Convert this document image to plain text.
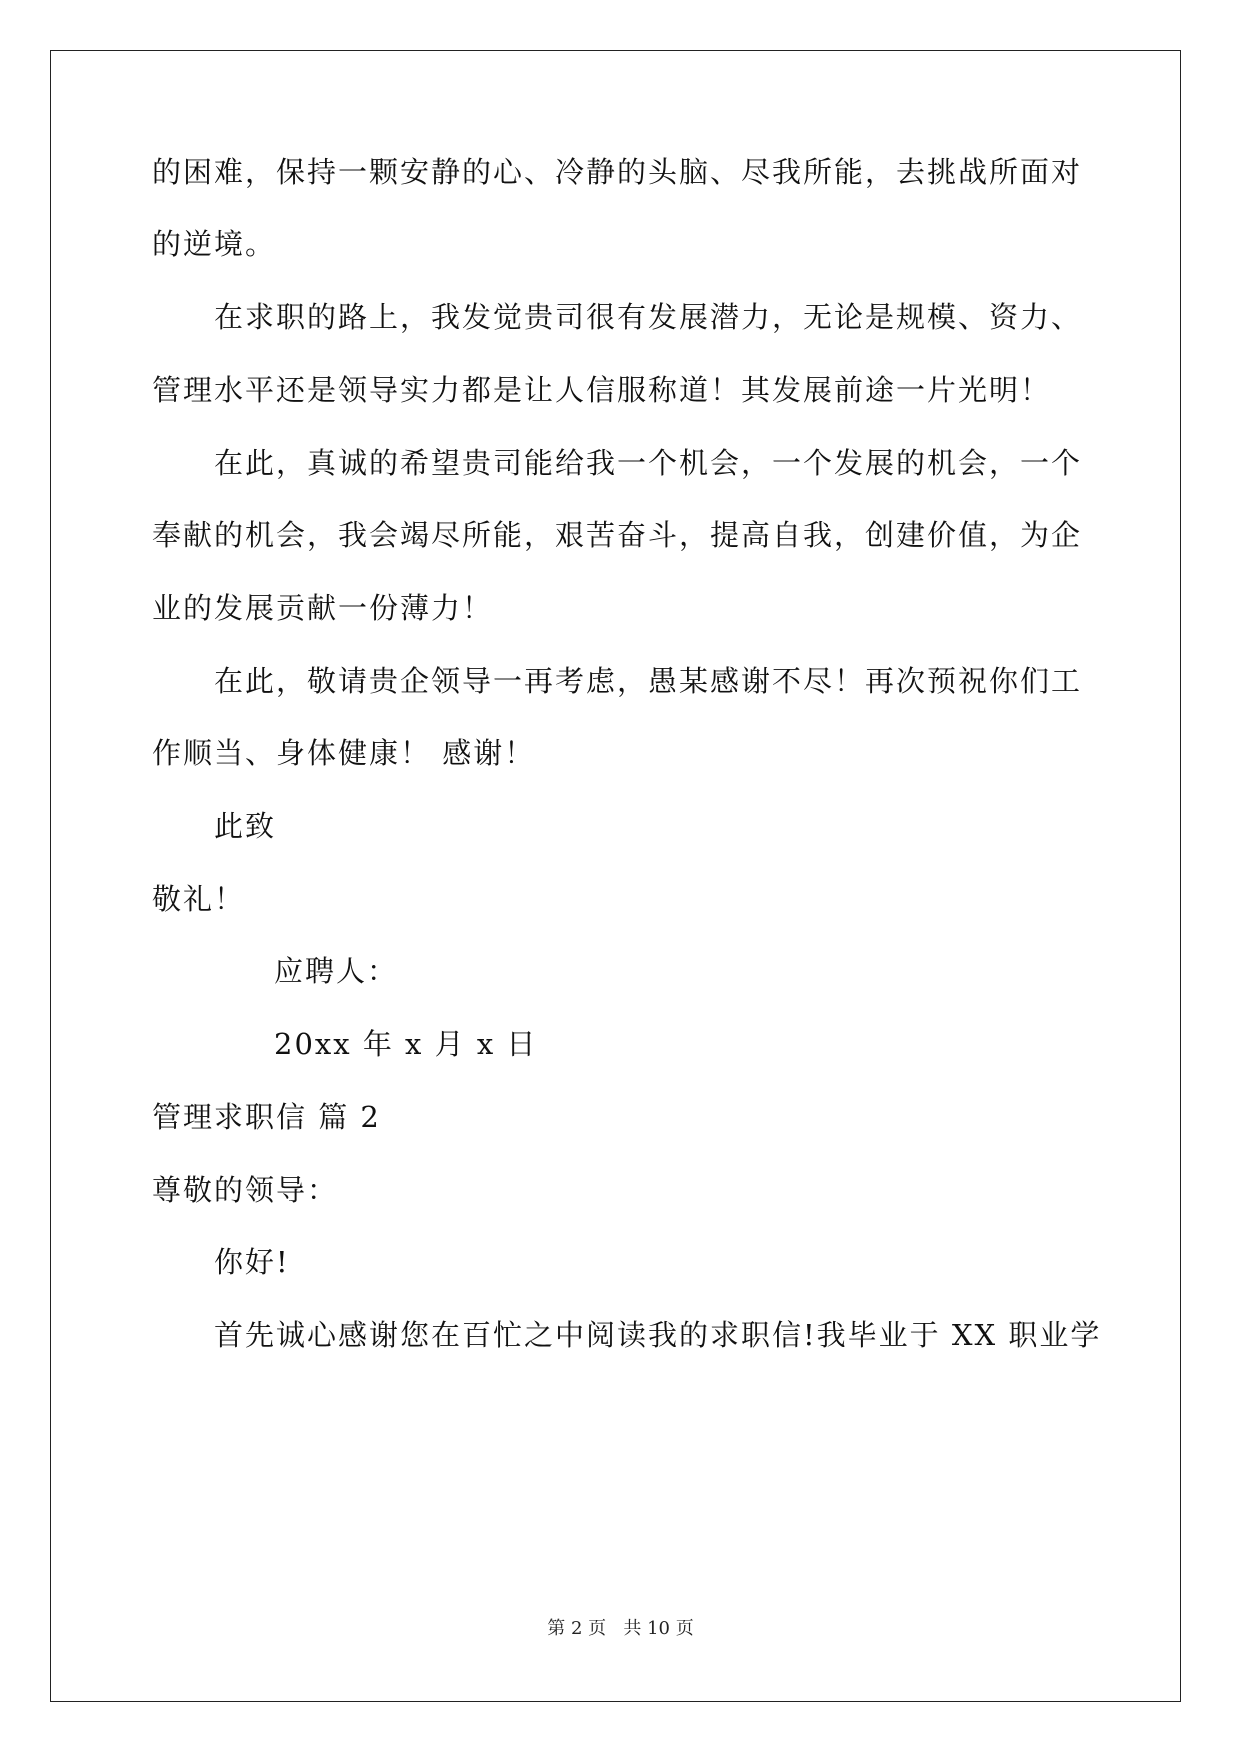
的困难，保持一颗安静的心、冷静的头脑、尽我所能，去挑战所面对
的逆境。
在求职的路上，我发觉贵司很有发展潜力，无论是规模、资力、
管理水平还是领导实力都是让人信服称道！其发展前途一片光明！
在此，真诚的希望贵司能给我一个机会，一个发展的机会，一个
奉献的机会，我会竭尽所能，艰苦奋斗，提高自我，创建价值，为企
业的发展贡献一份薄力！
在此，敬请贵企领导一再考虑，愚某感谢不尽！再次预祝你们工
作顺当、身体健康！ 感谢！
此致
敬礼！
应聘人：
20xx 年 x 月 x 日
管理求职信 篇 2
尊敬的领导：
你好!
首先诚心感谢您在百忙之中阅读我的求职信!我毕业于 XX 职业学
第 2 页   共 10 页
